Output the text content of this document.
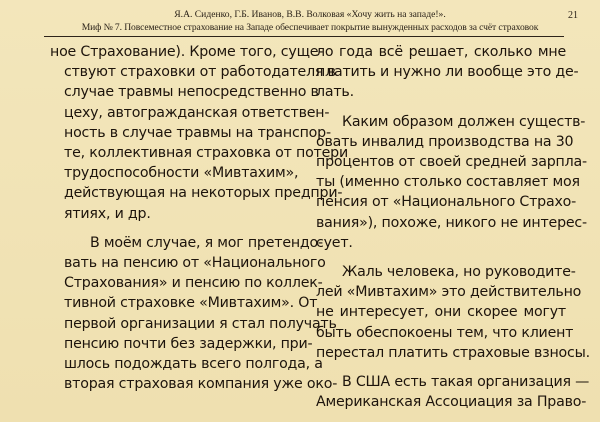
Я.А. Сиденко, Г.Б. Иванов, В.В. Волковая «Хочу жить на западе!».
Миф № 7. Повсеместное страхование на Западе обеспечивает покрытие вынужденных расходов за счёт страховок
21
ное Страхование). Кроме того, суще-
ствуют страховки от работодателя в
случае травмы непосредственно в
цеху, автогражданская ответствен-
ность в случае травмы на транспор-
те, коллективная страховка от потери
трудоспособности «Мивтахим»,
действующая на некоторых предпри-
ятиях, и др.
В моём случае, я мог претендо-
вать на пенсию от «Национального
Страхования» и пенсию по коллек-
тивной страховке «Мивтахим». От
первой организации я стал получать
пенсию почти без задержки, при-
шлось подождать всего полгода, а
вторая страховая компания уже око-
ло года всё решает, сколько мне
платить и нужно ли вообще это де-
лать.
Каким образом должен существ-
овать инвалид производства на 30
процентов от своей средней зарпла-
ты (именно столько составляет моя
пенсия от «Национального Страхо-
вания»), похоже, никого не интерес-
сует.
Жаль человека, но руководите-
лей «Мивтахим» это действительно
не интересует, они скорее могут
быть обеспокоены тем, что клиент
перестал платить страховые взносы.
В США есть такая организация —
Американская Ассоциация за Право-
